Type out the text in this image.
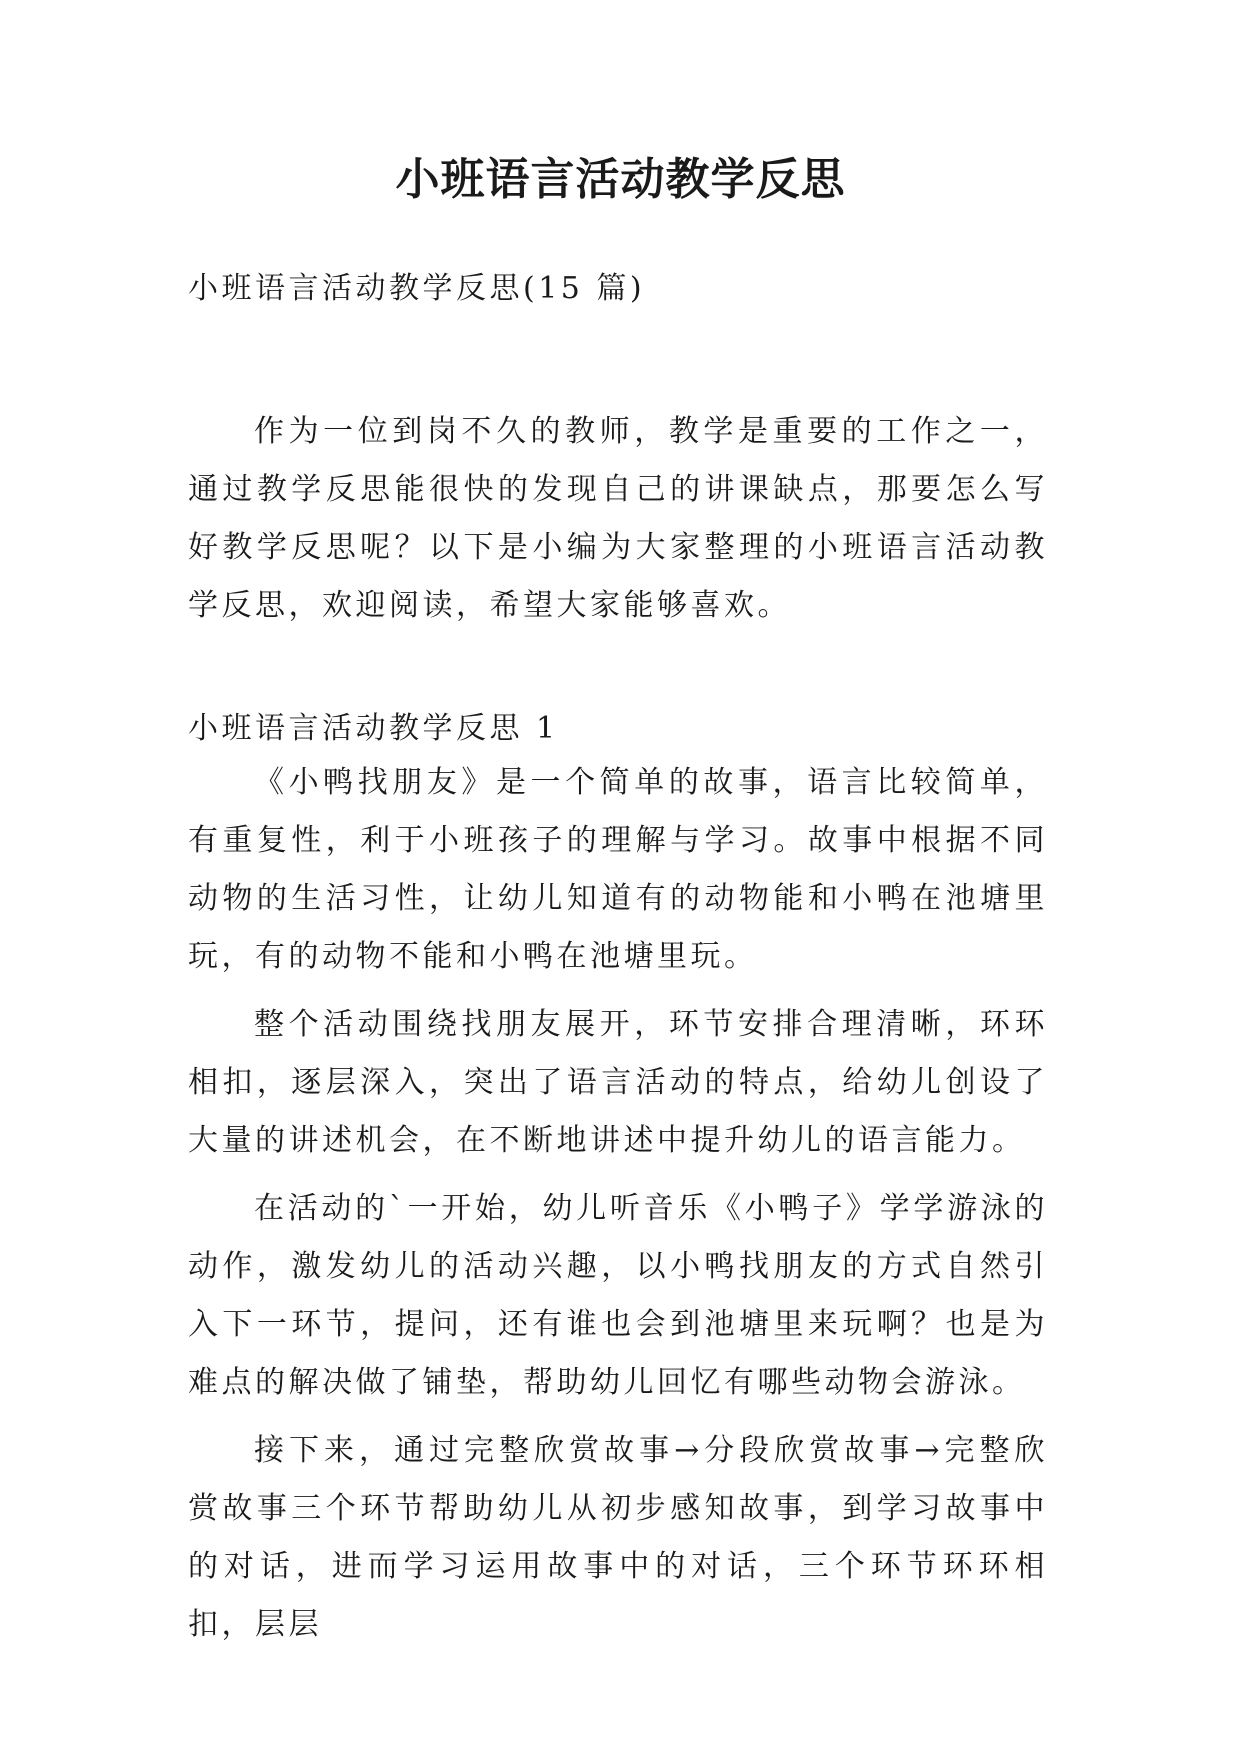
小班语言活动教学反思
小班语言活动教学反思(15 篇)

作为一位到岗不久的教师，教学是重要的工作之一，通过教学反思能很快的发现自己的讲课缺点，那要怎么写好教学反思呢？以下是小编为大家整理的小班语言活动教学反思，欢迎阅读，希望大家能够喜欢。

小班语言活动教学反思 1

《小鸭找朋友》是一个简单的故事，语言比较简单，有重复性，利于小班孩子的理解与学习。故事中根据不同动物的生活习性，让幼儿知道有的动物能和小鸭在池塘里玩，有的动物不能和小鸭在池塘里玩。

整个活动围绕找朋友展开，环节安排合理清晰，环环相扣，逐层深入，突出了语言活动的特点，给幼儿创设了大量的讲述机会，在不断地讲述中提升幼儿的语言能力。

在活动的`一开始，幼儿听音乐《小鸭子》学学游泳的动作，激发幼儿的活动兴趣，以小鸭找朋友的方式自然引入下一环节，提问，还有谁也会到池塘里来玩啊？也是为难点的解决做了铺垫，帮助幼儿回忆有哪些动物会游泳。

接下来，通过完整欣赏故事→分段欣赏故事→完整欣赏故事三个环节帮助幼儿从初步感知故事，到学习故事中的对话，进而学习运用故事中的对话，三个环节环环相扣，层层
